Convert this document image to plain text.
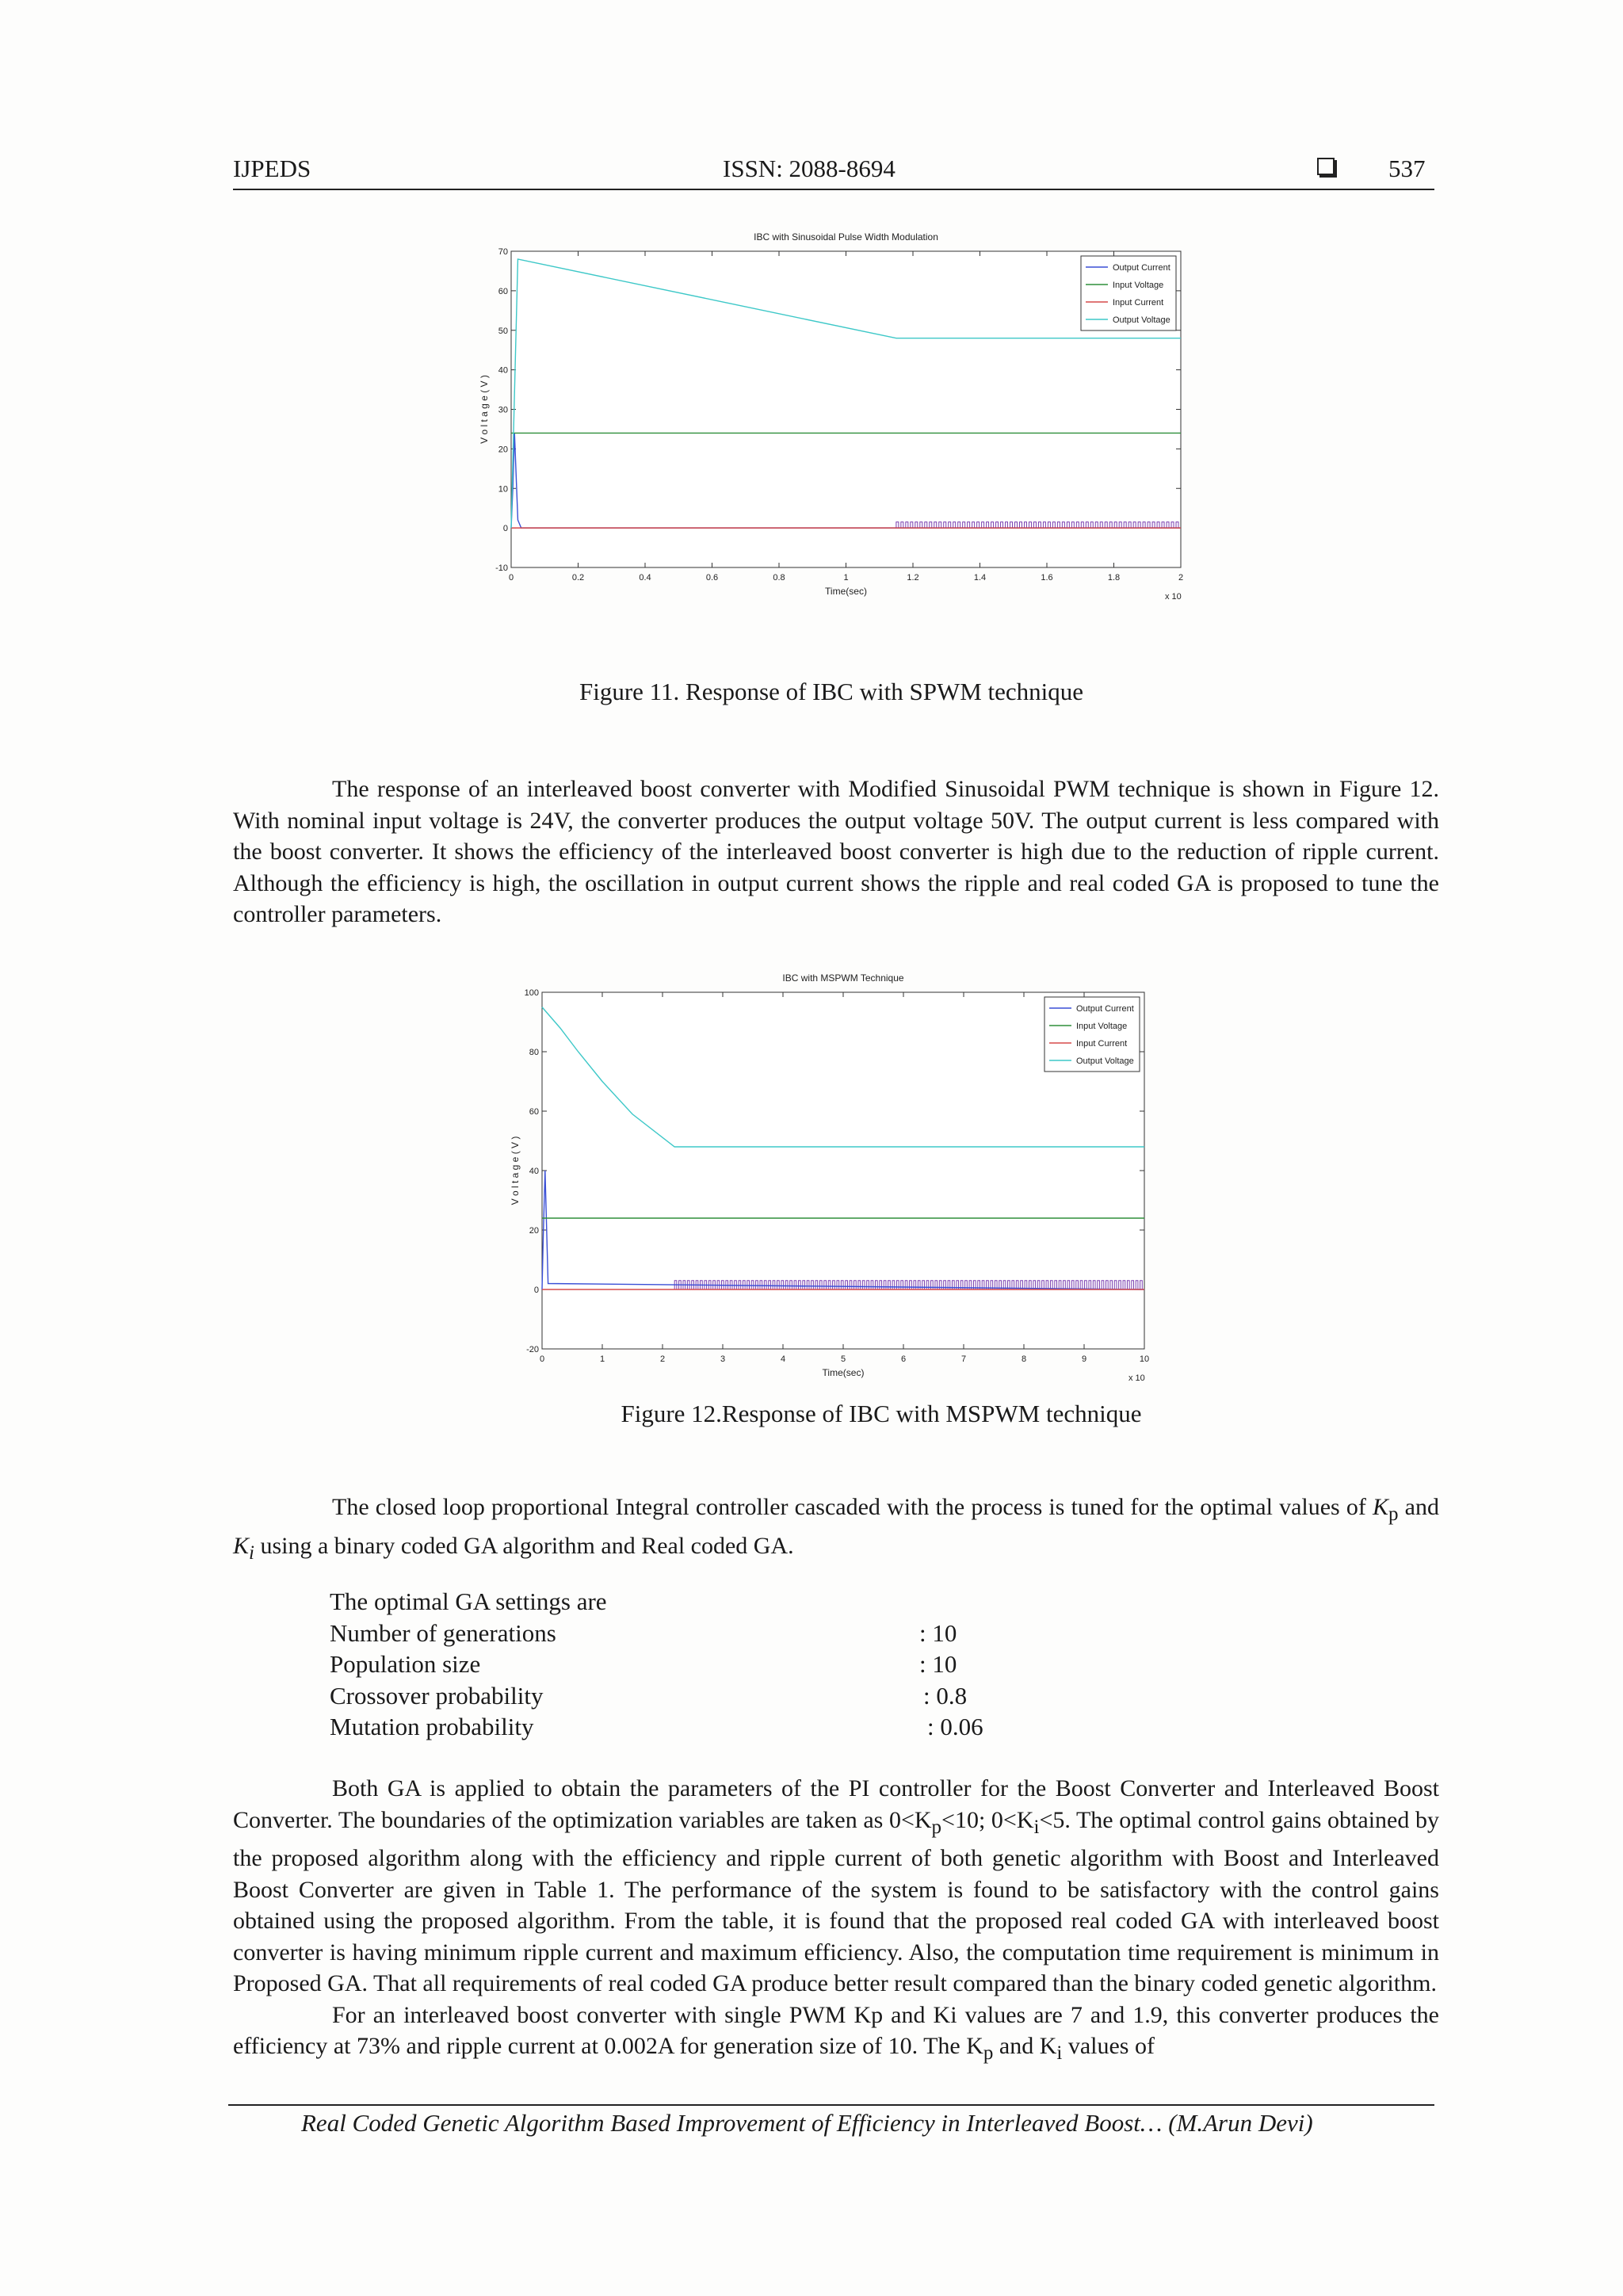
IJPEDS	ISSN: 2088-8694	537
IBC with Sinusoidal Pulse Width Modulation
0	0.2	0.4	0.6	0.8	1	1.2	1.4	1.6	1.8	2
-10
0
10
20
30
40
50
60
70
Time(sec)	x 10
V o l t a g e ( V )
Output Current
Input Voltage
Input Current
Output Voltage
Figure 11. Response of IBC with SPWM technique

The response of an interleaved boost converter with Modified Sinusoidal PWM technique is shown in Figure 12. With nominal input voltage is 24V, the converter produces the output voltage 50V. The output current is less compared with the boost converter. It shows the efficiency of the interleaved boost converter is high due to the reduction of ripple current. Although the efficiency is high, the oscillation in output current shows the ripple and real coded GA is proposed to tune the controller parameters.

IBC with MSPWM Technique
0	1	2	3	4	5	6	7	8	9	10
-20
0
20
40
60
80
100
Time(sec)	x 10
V o l t a g e ( V )
Output Current
Input Voltage
Input Current
Output Voltage
Figure 12.Response of IBC with MSPWM technique

The closed loop proportional Integral controller cascaded with the process is tuned for the optimal values of $K_p$ and $K_i$ using a binary coded GA algorithm and Real coded GA.

The optimal GA settings are
Number of generations	: 10
Population size	: 10
Crossover probability	: 0.8
Mutation probability	: 0.06

Both GA is applied to obtain the parameters of the PI controller for the Boost Converter and Interleaved Boost Converter. The boundaries of the optimization variables are taken as $0<K_p<10$; $0<K_i<5$. The optimal control gains obtained by the proposed algorithm along with the efficiency and ripple current of both genetic algorithm with Boost and Interleaved Boost Converter are given in Table 1. The performance of the system is found to be satisfactory with the control gains obtained using the proposed algorithm. From the table, it is found that the proposed real coded GA with interleaved boost converter is having minimum ripple current and maximum efficiency. Also, the computation time requirement is minimum in Proposed GA. That all requirements of real coded GA produce better result compared than the binary coded genetic algorithm.

For an interleaved boost converter with single PWM Kp and Ki values are 7 and 1.9, this converter produces the efficiency at 73% and ripple current at 0.002A for generation size of 10. The $K_p$ and $K_i$ values of

Real Coded Genetic Algorithm Based Improvement of Efficiency in Interleaved Boost… (M.Arun Devi)
